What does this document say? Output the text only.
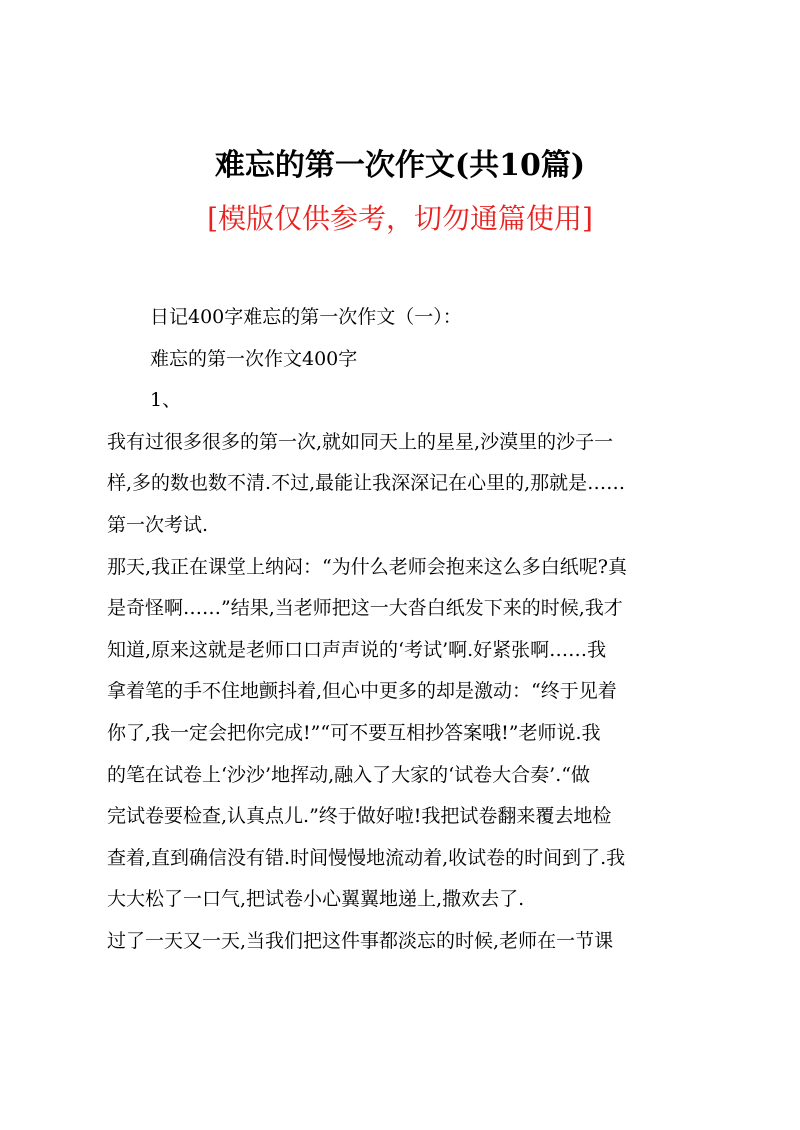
难忘的第一次作文(共10篇)

[模版仅供参考，切勿通篇使用]

日记400字难忘的第一次作文（一）：
难忘的第一次作文400字
1、
我有过很多很多的第一次,就如同天上的星星,沙漠里的沙子一
样,多的数也数不清.不过,最能让我深深记在心里的,那就是……
第一次考试.
那天,我正在课堂上纳闷：“为什么老师会抱来这么多白纸呢?真
是奇怪啊……”结果,当老师把这一大沓白纸发下来的时候,我才
知道,原来这就是老师口口声声说的‘考试’啊.好紧张啊……我
拿着笔的手不住地颤抖着,但心中更多的却是激动：“终于见着
你了,我一定会把你完成!”“可不要互相抄答案哦!”老师说.我
的笔在试卷上‘沙沙’地挥动,融入了大家的‘试卷大合奏’.“做
完试卷要检查,认真点儿.”终于做好啦!我把试卷翻来覆去地检
查着,直到确信没有错.时间慢慢地流动着,收试卷的时间到了.我
大大松了一口气,把试卷小心翼翼地递上,撒欢去了.
过了一天又一天,当我们把这件事都淡忘的时候,老师在一节课
